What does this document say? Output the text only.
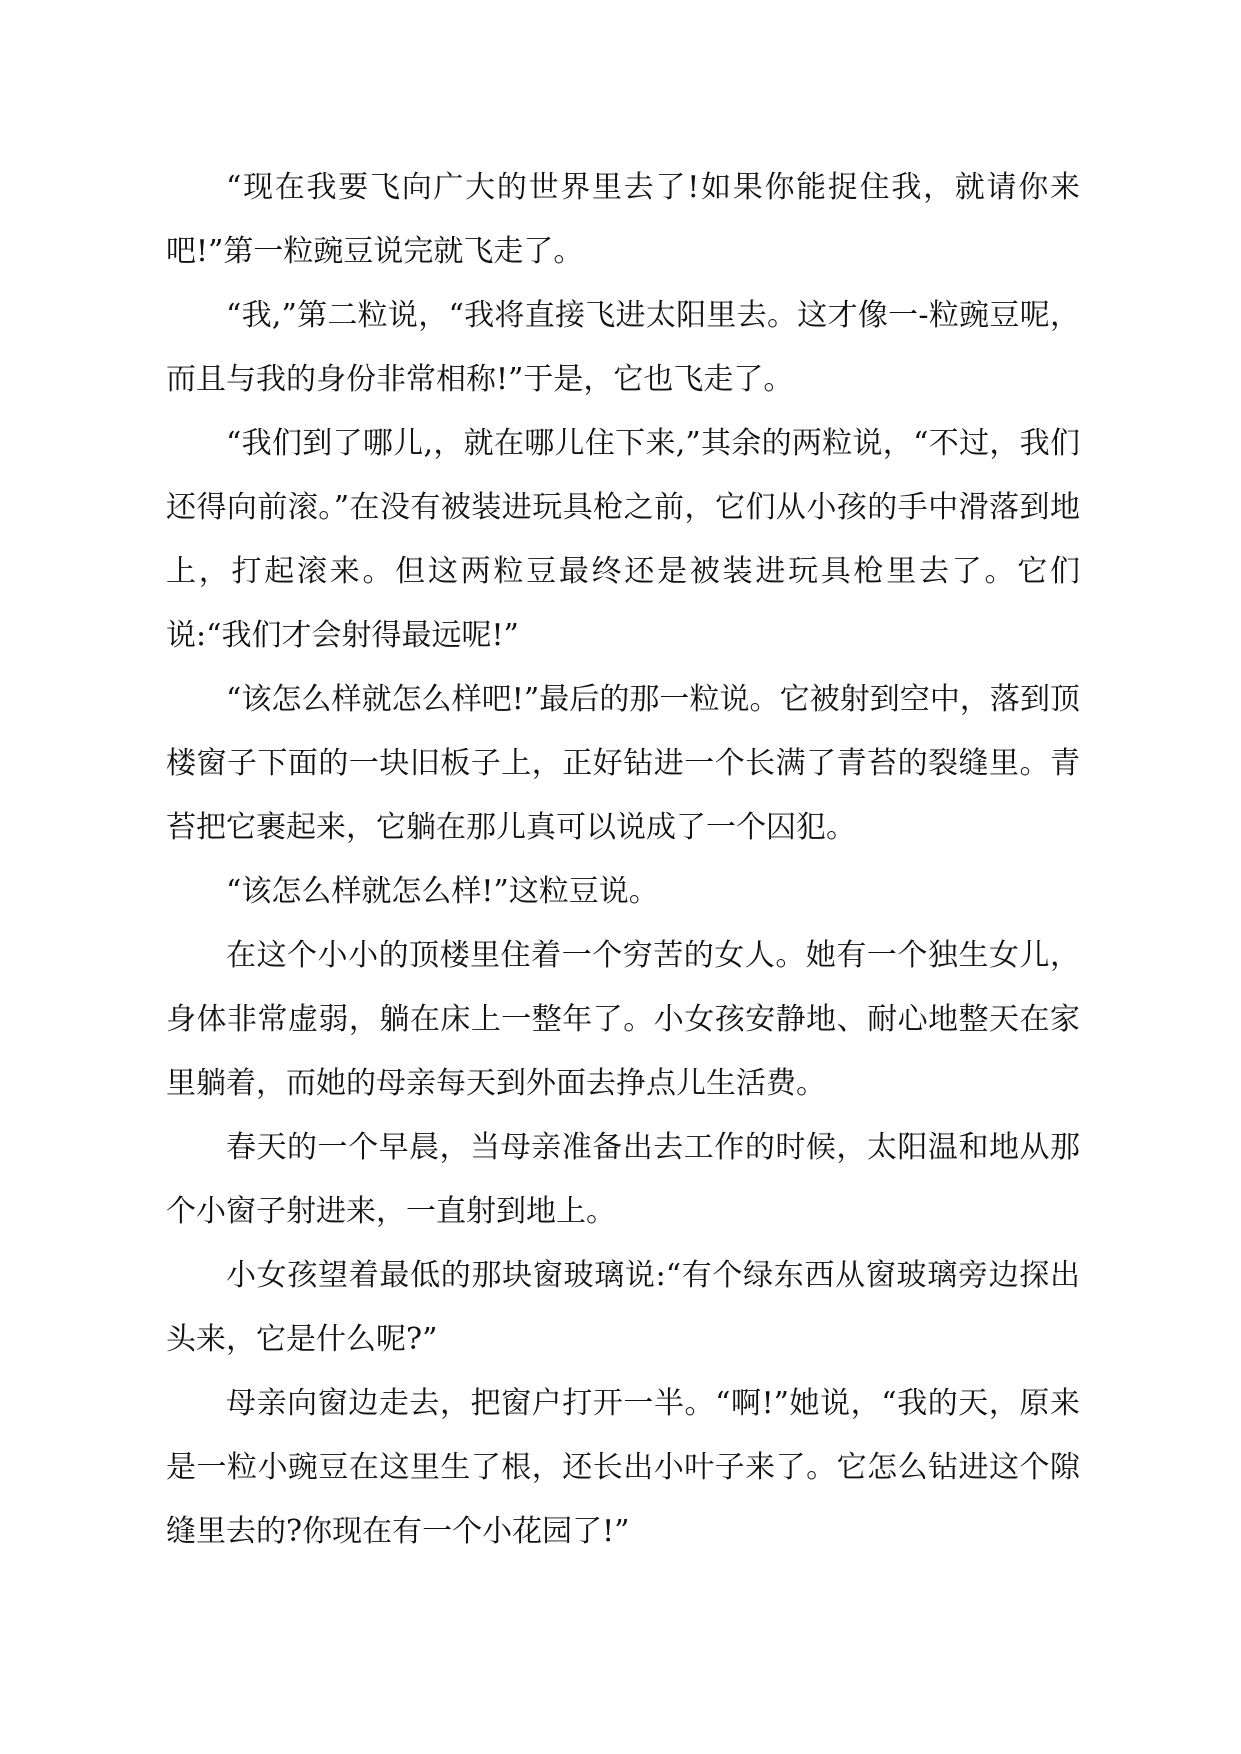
“现在我要飞向广大的世界里去了!如果你能捉住我，就请你来吧!”第一粒豌豆说完就飞走了。

“我,”第二粒说，“我将直接飞进太阳里去。这才像一-粒豌豆呢，而且与我的身份非常相称!”于是，它也飞走了。

“我们到了哪儿,，就在哪儿住下来,”其余的两粒说，“不过，我们还得向前滚。”在没有被装进玩具枪之前，它们从小孩的手中滑落到地上，打起滚来。但这两粒豆最终还是被装进玩具枪里去了。它们说:“我们才会射得最远呢!”

“该怎么样就怎么样吧!”最后的那一粒说。它被射到空中，落到顶楼窗子下面的一块旧板子上，正好钻进一个长满了青苔的裂缝里。青苔把它裹起来，它躺在那儿真可以说成了一个囚犯。

“该怎么样就怎么样!”这粒豆说。

在这个小小的顶楼里住着一个穷苦的女人。她有一个独生女儿，身体非常虚弱，躺在床上一整年了。小女孩安静地、耐心地整天在家里躺着，而她的母亲每天到外面去挣点儿生活费。

春天的一个早晨，当母亲准备出去工作的时候，太阳温和地从那个小窗子射进来，一直射到地上。

小女孩望着最低的那块窗玻璃说:“有个绿东西从窗玻璃旁边探出头来，它是什么呢?”

母亲向窗边走去，把窗户打开一半。“啊!”她说，“我的天，原来是一粒小豌豆在这里生了根，还长出小叶子来了。它怎么钻进这个隙缝里去的?你现在有一个小花园了!”
